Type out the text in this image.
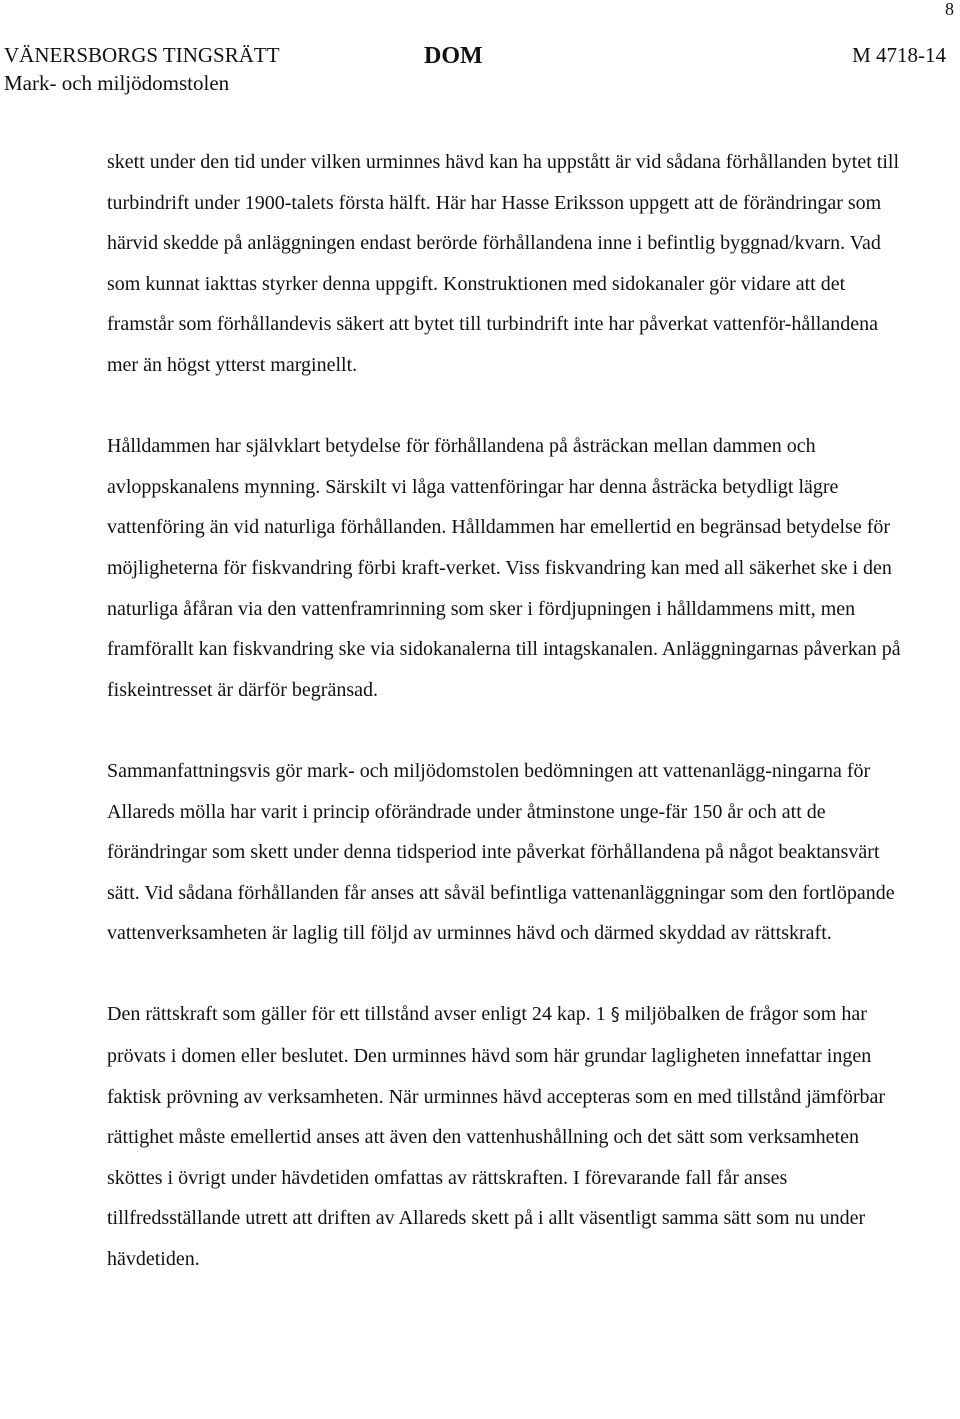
8
VÄNERSBORGS TINGSRÄTT
Mark- och miljödomstolen
DOM	M 4718-14

skett under den tid under vilken urminnes hävd kan ha uppstått är vid sådana förhållanden bytet till turbindrift under 1900-talets första hälft. Här har Hasse Eriksson uppgett att de förändringar som härvid skedde på anläggningen endast berörde förhållandena inne i befintlig byggnad/kvarn. Vad som kunnat iakttas styrker denna uppgift. Konstruktionen med sidokanaler gör vidare att det framstår som förhållandevis säkert att bytet till turbindrift inte har påverkat vattenför-hållandena mer än högst ytterst marginellt.

Hålldammen har självklart betydelse för förhållandena på åsträckan mellan dammen och avloppskanalens mynning. Särskilt vi låga vattenföringar har denna åsträcka betydligt lägre vattenföring än vid naturliga förhållanden. Hålldammen har emellertid en begränsad betydelse för möjligheterna för fiskvandring förbi kraft-verket. Viss fiskvandring kan med all säkerhet ske i den naturliga åfåran via den vattenframrinning som sker i fördjupningen i hålldammens mitt, men framförallt kan fiskvandring ske via sidokanalerna till intagskanalen. Anläggningarnas påverkan på fiskeintresset är därför begränsad.

Sammanfattningsvis gör mark- och miljödomstolen bedömningen att vattenanlägg-ningarna för Allareds mölla har varit i princip oförändrade under åtminstone unge-fär 150 år och att de förändringar som skett under denna tidsperiod inte påverkat förhållandena på något beaktansvärt sätt. Vid sådana förhållanden får anses att såväl befintliga vattenanläggningar som den fortlöpande vattenverksamheten är laglig till följd av urminnes hävd och därmed skyddad av rättskraft.

Den rättskraft som gäller för ett tillstånd avser enligt 24 kap. 1 § miljöbalken de frågor som har prövats i domen eller beslutet. Den urminnes hävd som här grundar lagligheten innefattar ingen faktisk prövning av verksamheten. När urminnes hävd accepteras som en med tillstånd jämförbar rättighet måste emellertid anses att även den vattenhushållning och det sätt som verksamheten sköttes i övrigt under hävdetiden omfattas av rättskraften. I förevarande fall får anses tillfredsställande utrett att driften av Allareds skett på i allt väsentligt samma sätt som nu under hävdetiden.
